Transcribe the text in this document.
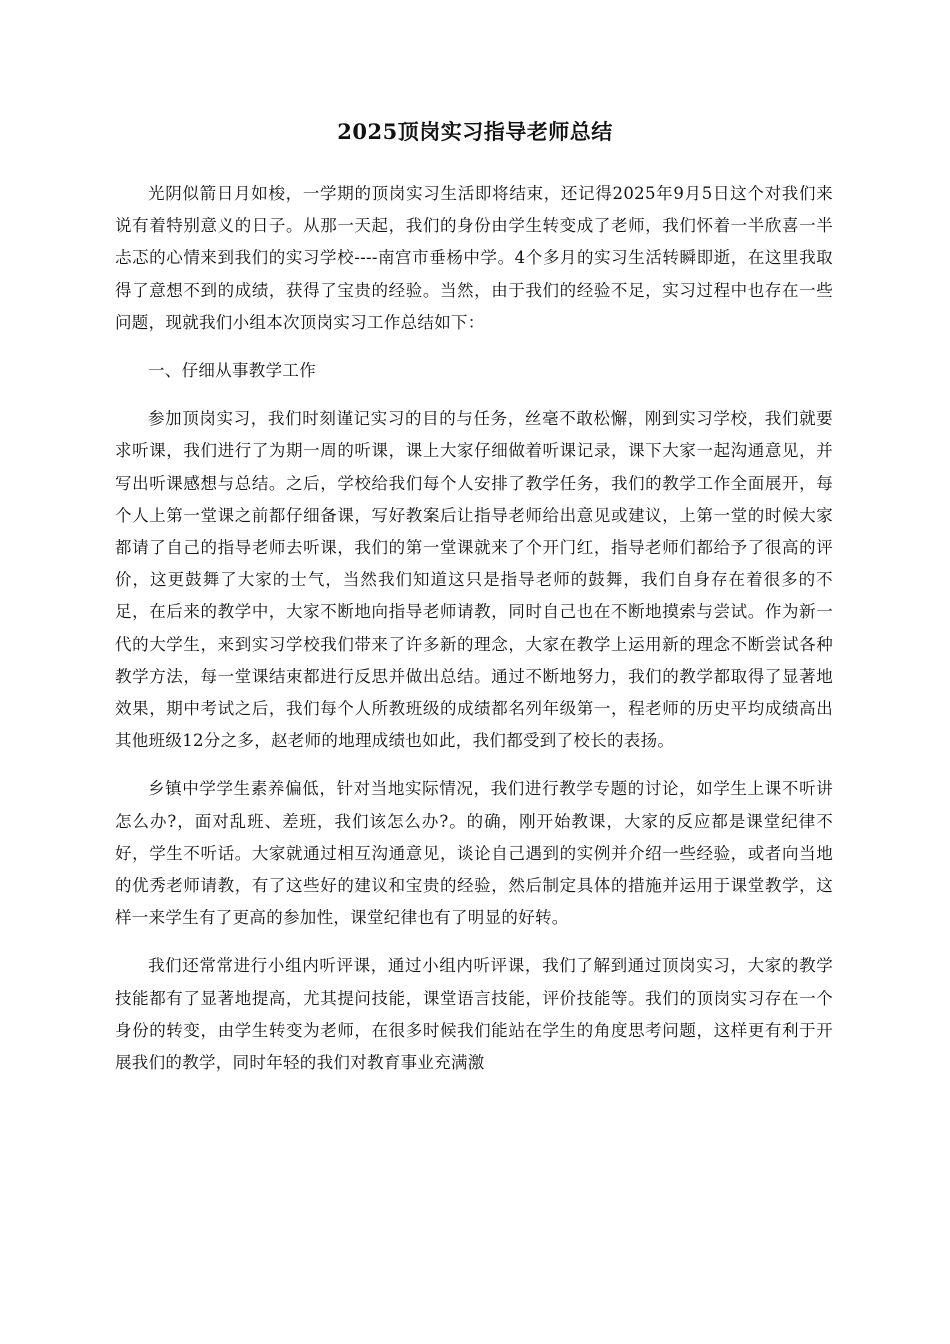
2025顶岗实习指导老师总结

光阴似箭日月如梭，一学期的顶岗实习生活即将结束，还记得2025年9月5日这个对我们来说有着特别意义的日子。从那一天起，我们的身份由学生转变成了老师，我们怀着一半欣喜一半忐忑的心情来到我们的实习学校----南宫市垂杨中学。4个多月的实习生活转瞬即逝，在这里我取得了意想不到的成绩，获得了宝贵的经验。当然，由于我们的经验不足，实习过程中也存在一些问题，现就我们小组本次顶岗实习工作总结如下：

一、仔细从事教学工作

参加顶岗实习，我们时刻谨记实习的目的与任务，丝毫不敢松懈，刚到实习学校，我们就要求听课，我们进行了为期一周的听课，课上大家仔细做着听课记录，课下大家一起沟通意见，并写出听课感想与总结。之后，学校给我们每个人安排了教学任务，我们的教学工作全面展开，每个人上第一堂课之前都仔细备课，写好教案后让指导老师给出意见或建议，上第一堂的时候大家都请了自己的指导老师去听课，我们的第一堂课就来了个开门红，指导老师们都给予了很高的评价，这更鼓舞了大家的士气，当然我们知道这只是指导老师的鼓舞，我们自身存在着很多的不足，在后来的教学中，大家不断地向指导老师请教，同时自己也在不断地摸索与尝试。作为新一代的大学生，来到实习学校我们带来了许多新的理念，大家在教学上运用新的理念不断尝试各种教学方法，每一堂课结束都进行反思并做出总结。通过不断地努力，我们的教学都取得了显著地效果，期中考试之后，我们每个人所教班级的成绩都名列年级第一，程老师的历史平均成绩高出其他班级12分之多，赵老师的地理成绩也如此，我们都受到了校长的表扬。

乡镇中学学生素养偏低，针对当地实际情况，我们进行教学专题的讨论，如学生上课不听讲怎么办?，面对乱班、差班，我们该怎么办?。的确，刚开始教课，大家的反应都是课堂纪律不好，学生不听话。大家就通过相互沟通意见，谈论自己遇到的实例并介绍一些经验，或者向当地的优秀老师请教，有了这些好的建议和宝贵的经验，然后制定具体的措施并运用于课堂教学，这样一来学生有了更高的参加性，课堂纪律也有了明显的好转。

我们还常常进行小组内听评课，通过小组内听评课，我们了解到通过顶岗实习，大家的教学技能都有了显著地提高，尤其提问技能，课堂语言技能，评价技能等。我们的顶岗实习存在一个身份的转变，由学生转变为老师，在很多时候我们能站在学生的角度思考问题，这样更有利于开展我们的教学，同时年轻的我们对教育事业充满激
